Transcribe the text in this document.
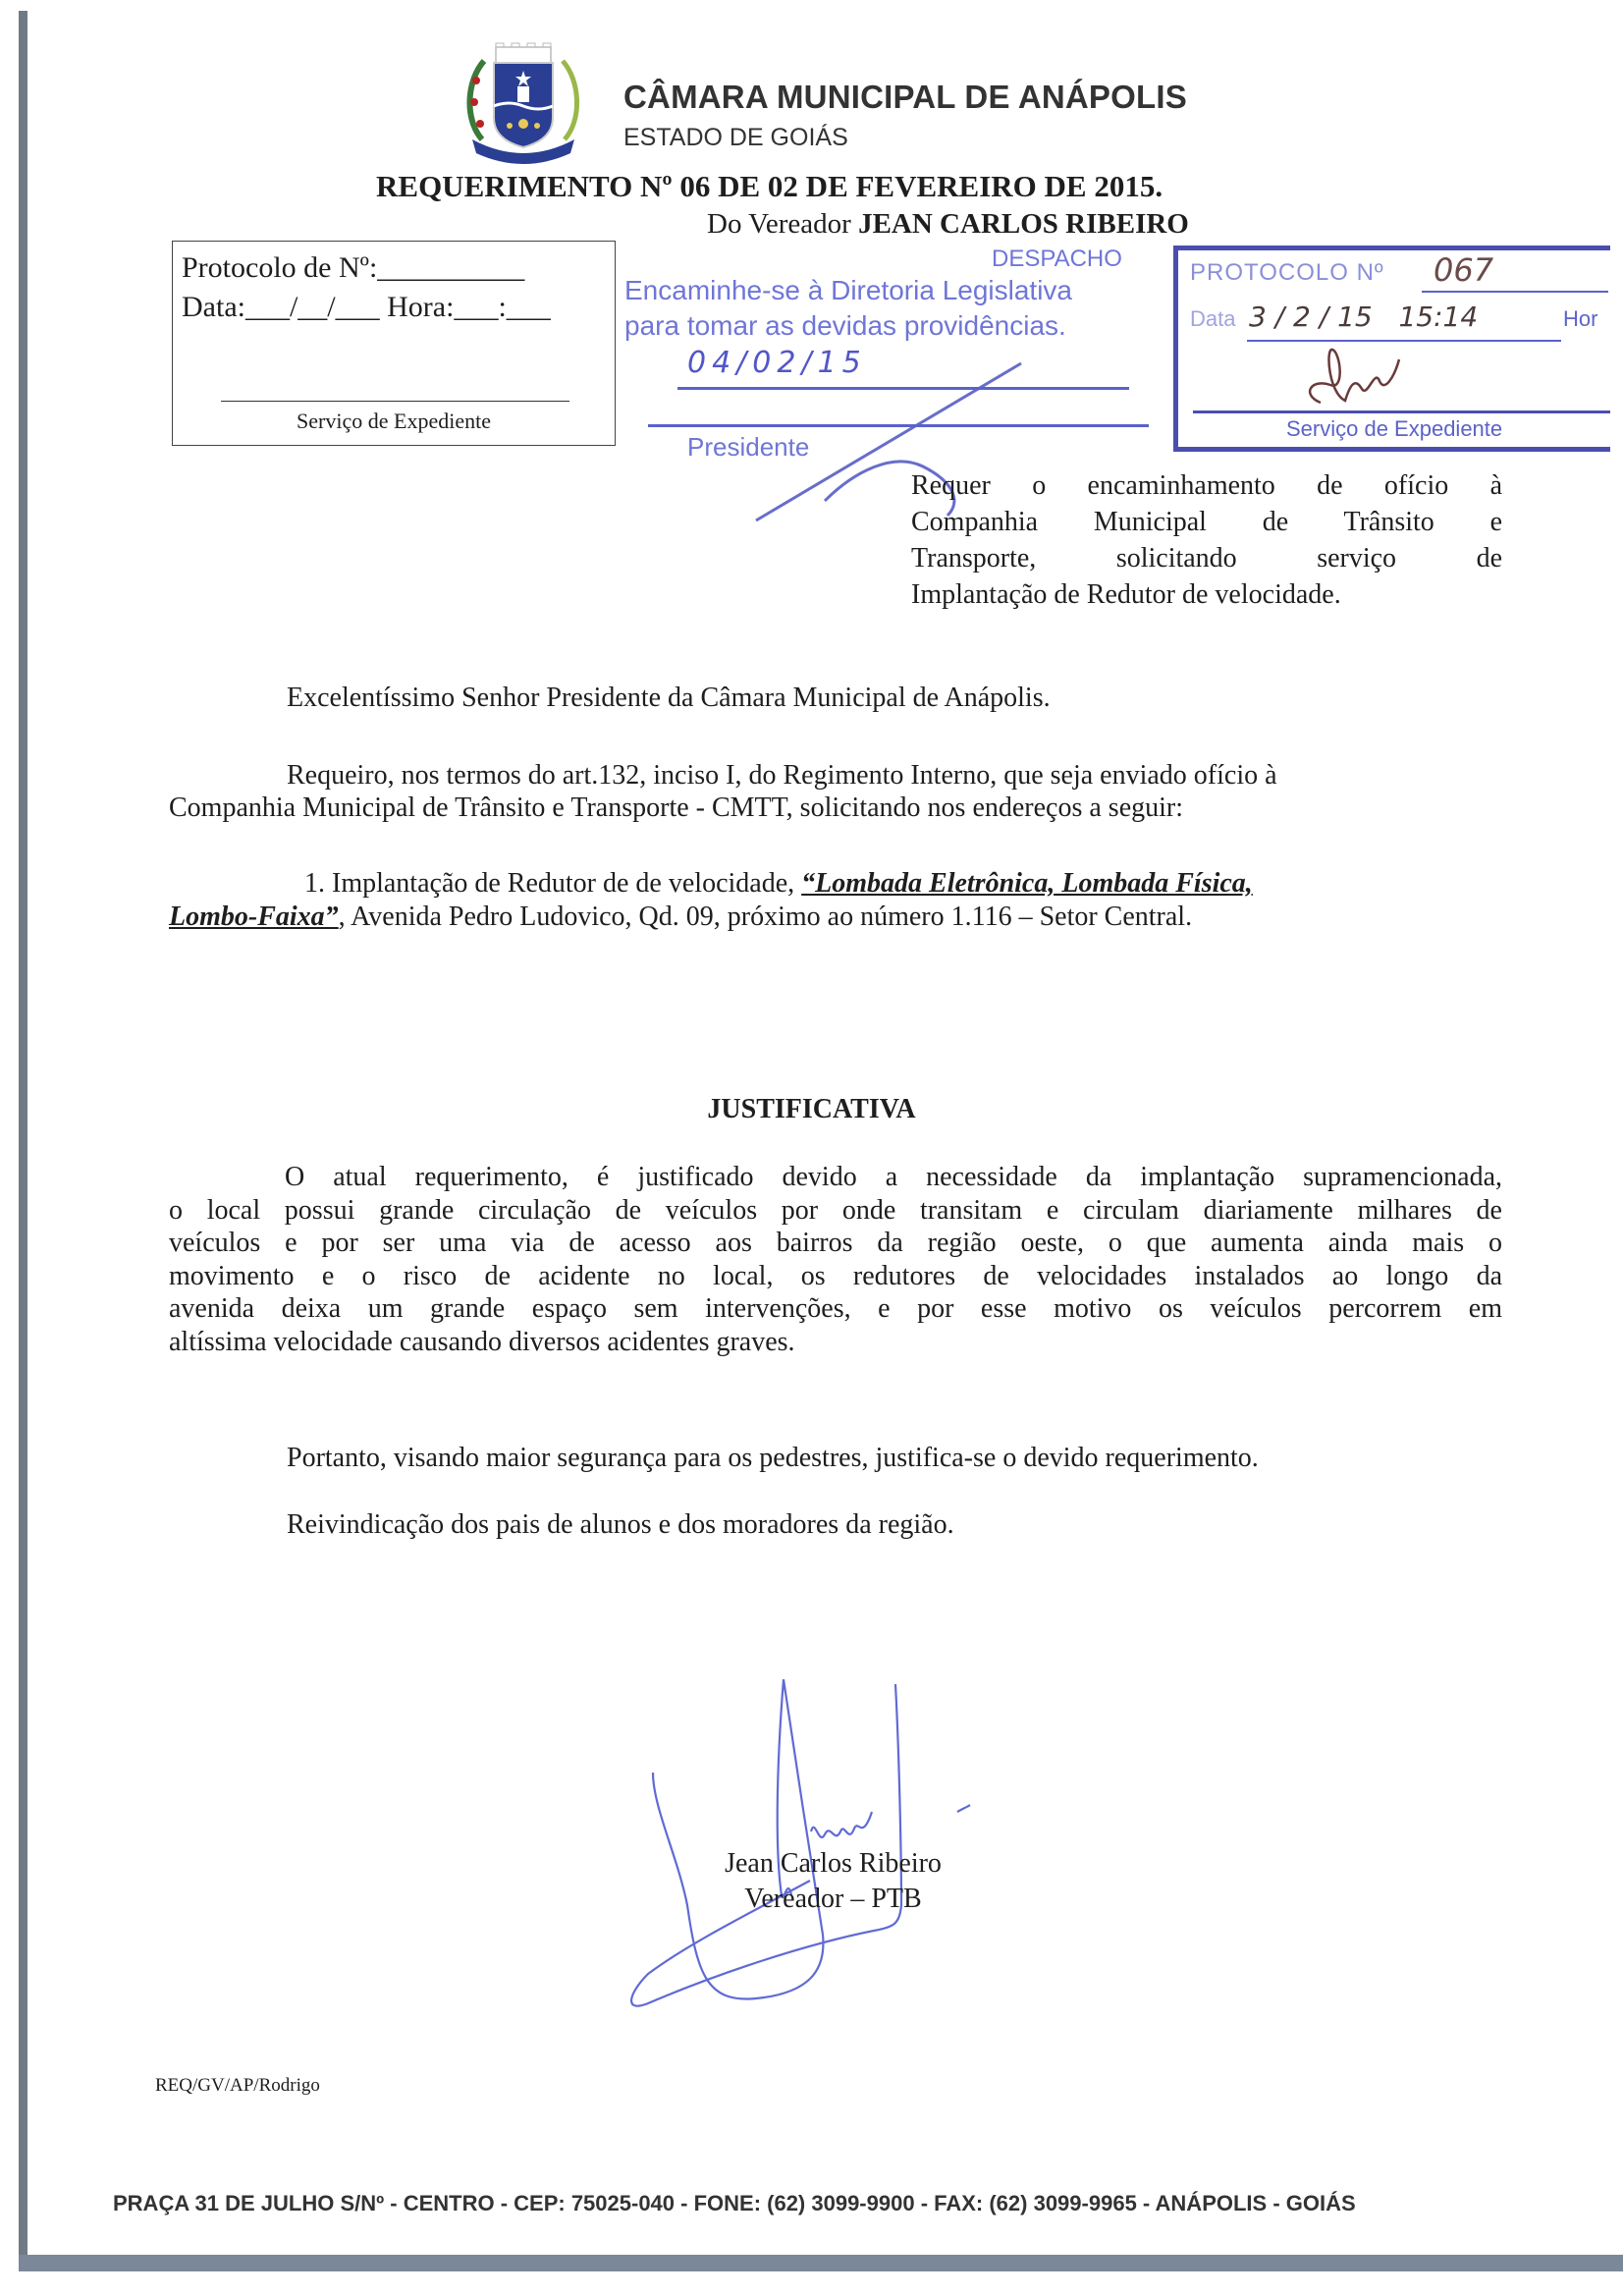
CÂMARA MUNICIPAL DE ANÁPOLIS
ESTADO DE GOIÁS
REQUERIMENTO Nº 06 DE 02 DE FEVEREIRO DE 2015.
Do Vereador JEAN CARLOS RIBEIRO
Protocolo de Nº:__________
Data:___/__/___ Hora:___:___
Serviço de Expediente
DESPACHO
Encaminhe-se à Diretoria Legislativa
para tomar as devidas providências.
04/02/15
Presidente
PROTOCOLO Nº 067
Data 3 / 2 / 15 15:14	Hor
Serviço de Expediente
Requer o encaminhamento de ofício à
Companhia Municipal de Trânsito e
Transporte, solicitando serviço de
Implantação de Redutor de velocidade.
Excelentíssimo Senhor Presidente da Câmara Municipal de Anápolis.
Requeiro, nos termos do art.132, inciso I, do Regimento Interno, que seja enviado ofício à
Companhia Municipal de Trânsito e Transporte - CMTT, solicitando nos endereços a seguir:
1. Implantação de Redutor de de velocidade, “Lombada Eletrônica, Lombada Física,
Lombo-Faixa”, Avenida Pedro Ludovico, Qd. 09, próximo ao número 1.116 – Setor Central.
JUSTIFICATIVA
O atual requerimento, é justificado devido a necessidade da implantação supramencionada,
o local possui grande circulação de veículos por onde transitam e circulam diariamente milhares de
veículos e por ser uma via de acesso aos bairros da região oeste, o que aumenta ainda mais o
movimento e o risco de acidente no local, os redutores de velocidades instalados ao longo da
avenida deixa um grande espaço sem intervenções, e por esse motivo os veículos percorrem em
altíssima velocidade causando diversos acidentes graves.
Portanto, visando maior segurança para os pedestres, justifica-se o devido requerimento.
Reivindicação dos pais de alunos e dos moradores da região.
Jean Carlos Ribeiro
Vereador – PTB
REQ/GV/AP/Rodrigo
PRAÇA 31 DE JULHO S/Nº - CENTRO - CEP: 75025-040 - FONE: (62) 3099-9900 - FAX: (62) 3099-9965 - ANÁPOLIS - GOIÁS
